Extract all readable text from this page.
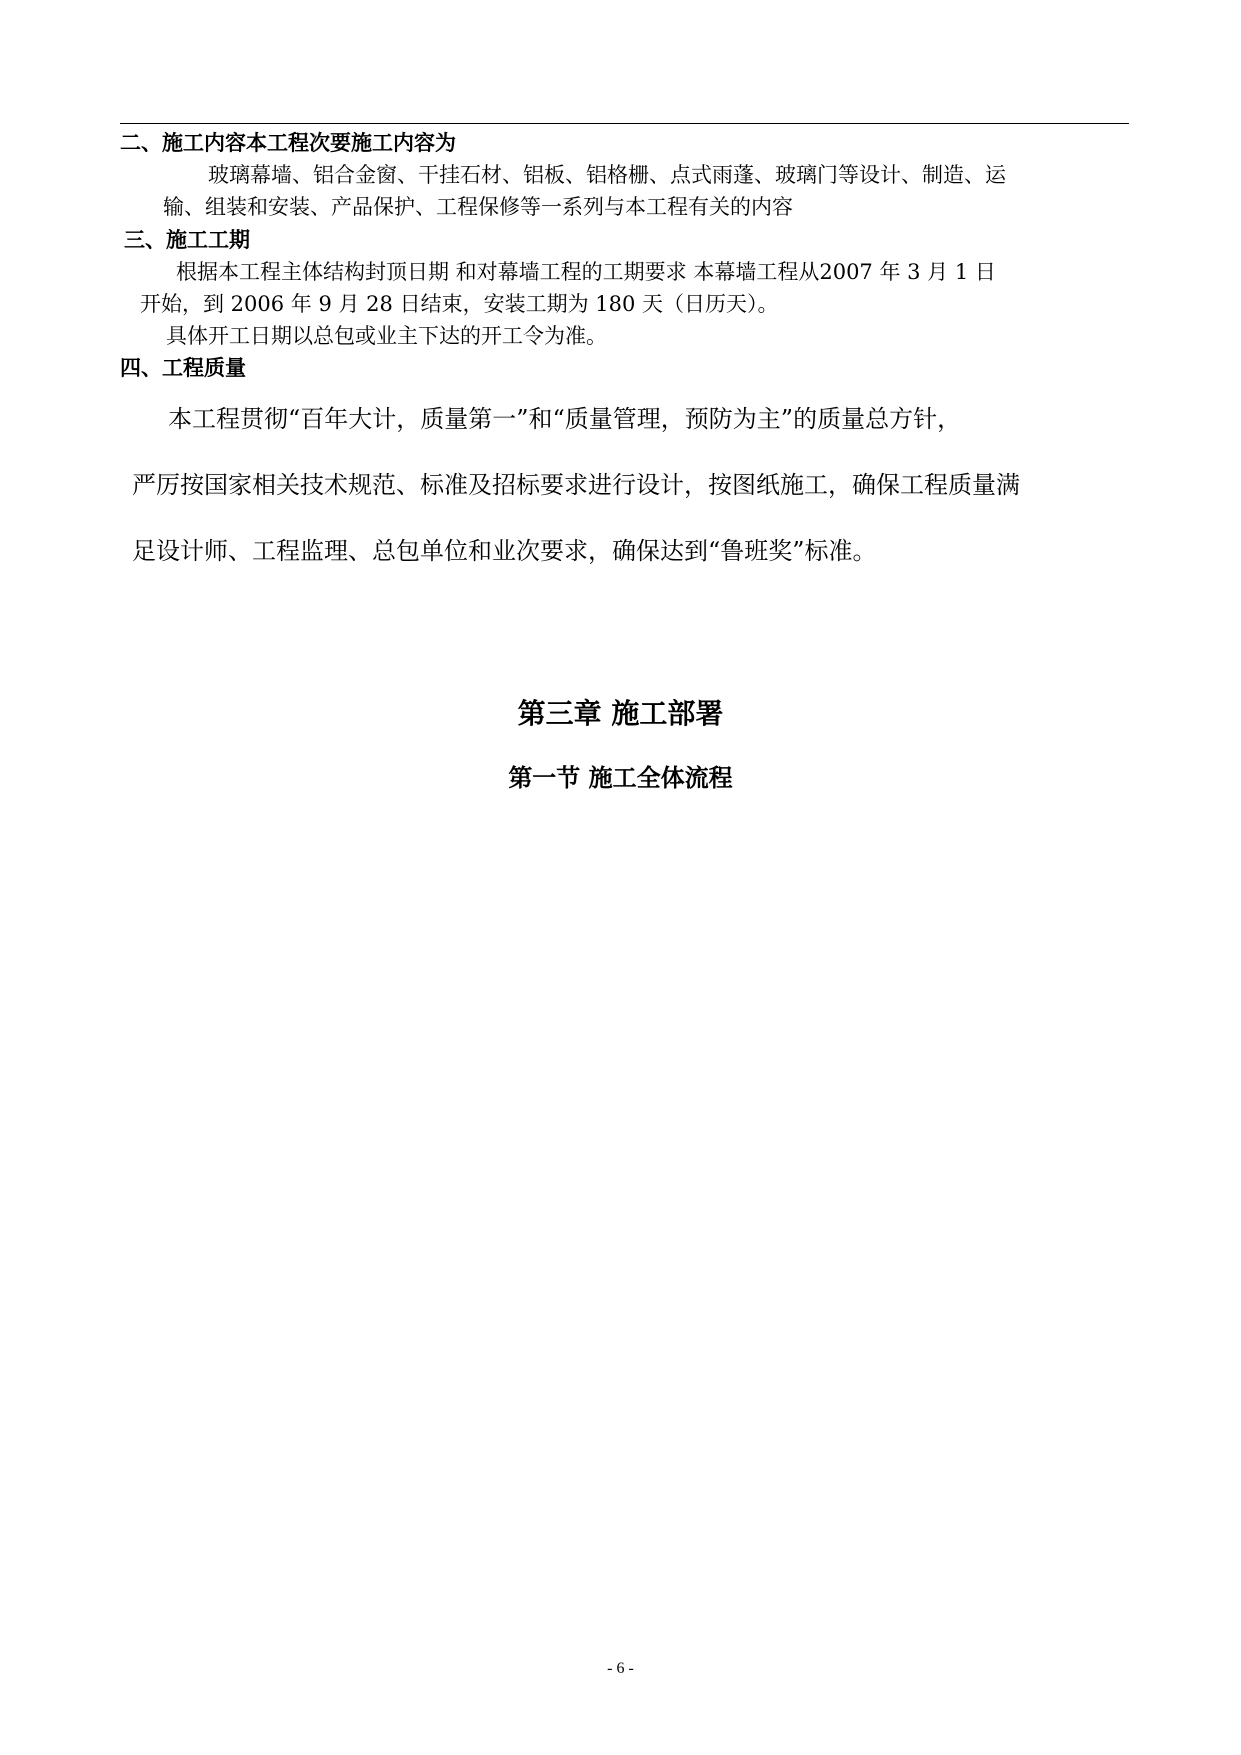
二、施工内容本工程次要施工内容为
玻璃幕墙、铝合金窗、干挂石材、铝板、铝格栅、点式雨蓬、玻璃门等设计、制造、运
输、组装和安装、产品保护、工程保修等一系列与本工程有关的内容
三、施工工期
根据本工程主体结构封顶日期 和对幕墙工程的工期要求 本幕墙工程从2007 年 3 月 1 日
开始，到 2006 年 9 月 28 日结束，安装工期为 180 天（日历天）。
具体开工日期以总包或业主下达的开工令为准。
四、工程质量
本工程贯彻“百年大计，质量第一”和“质量管理，预防为主”的质量总方针，
严厉按国家相关技术规范、标准及招标要求进行设计，按图纸施工，确保工程质量满
足设计师、工程监理、总包单位和业次要求，确保达到“鲁班奖”标准。
第三章 施工部署
第一节 施工全体流程
- 6 -
